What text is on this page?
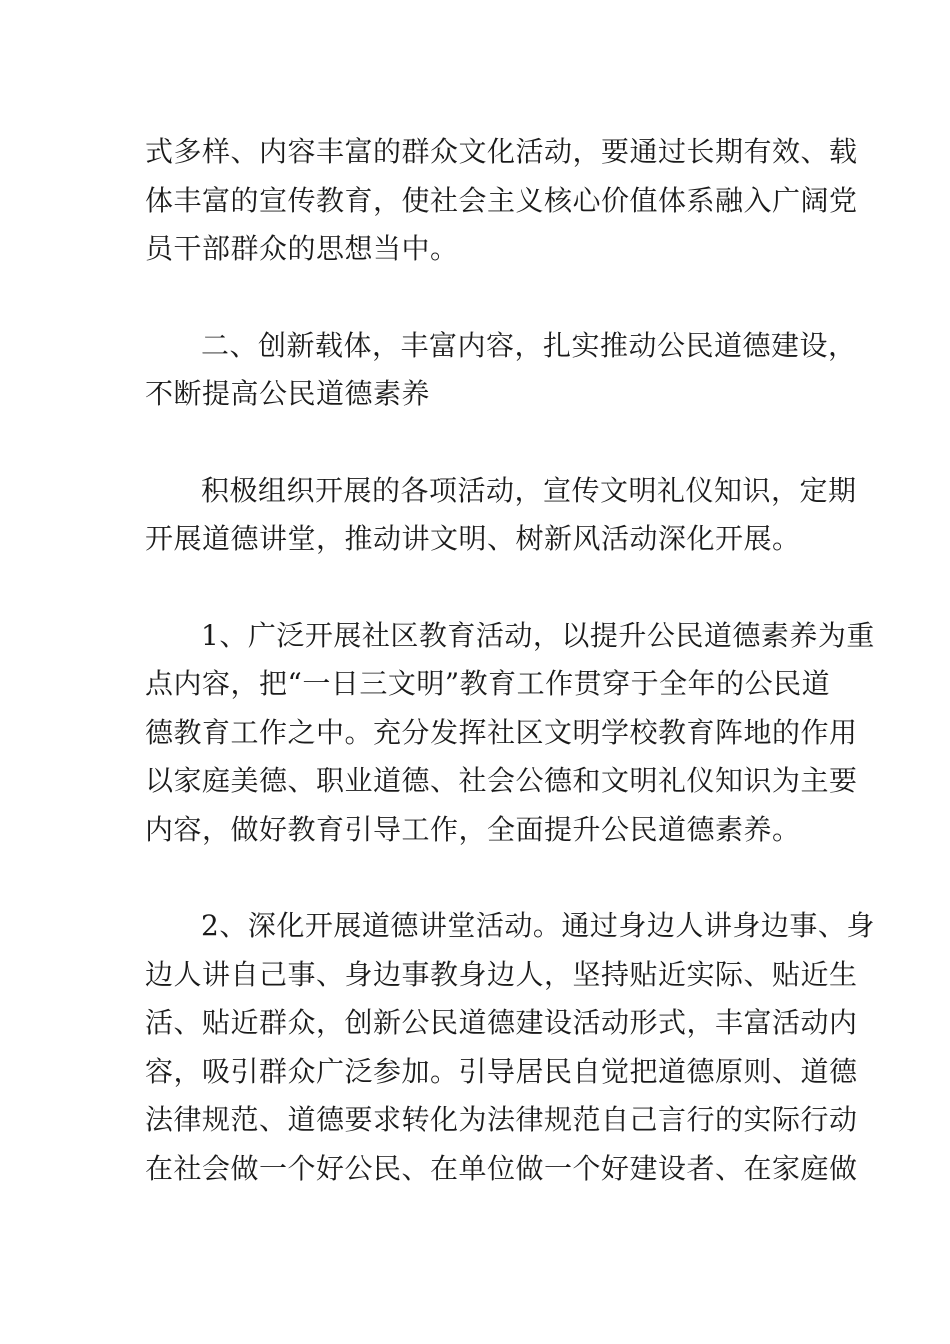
式多样、内容丰富的群众文化活动，要通过长期有效、载
体丰富的宣传教育，使社会主义核心价值体系融入广阔党
员干部群众的思想当中。
二、创新载体，丰富内容，扎实推动公民道德建设，
不断提高公民道德素养
积极组织开展的各项活动，宣传文明礼仪知识，定期
开展道德讲堂，推动讲文明、树新风活动深化开展。
1、广泛开展社区教育活动，以提升公民道德素养为重
点内容，把“一日三文明”教育工作贯穿于全年的公民道
德教育工作之中。充分发挥社区文明学校教育阵地的作用
以家庭美德、职业道德、社会公德和文明礼仪知识为主要
内容，做好教育引导工作，全面提升公民道德素养。
2、深化开展道德讲堂活动。通过身边人讲身边事、身
边人讲自己事、身边事教身边人，坚持贴近实际、贴近生
活、贴近群众，创新公民道德建设活动形式，丰富活动内
容，吸引群众广泛参加。引导居民自觉把道德原则、道德
法律规范、道德要求转化为法律规范自己言行的实际行动
在社会做一个好公民、在单位做一个好建设者、在家庭做
